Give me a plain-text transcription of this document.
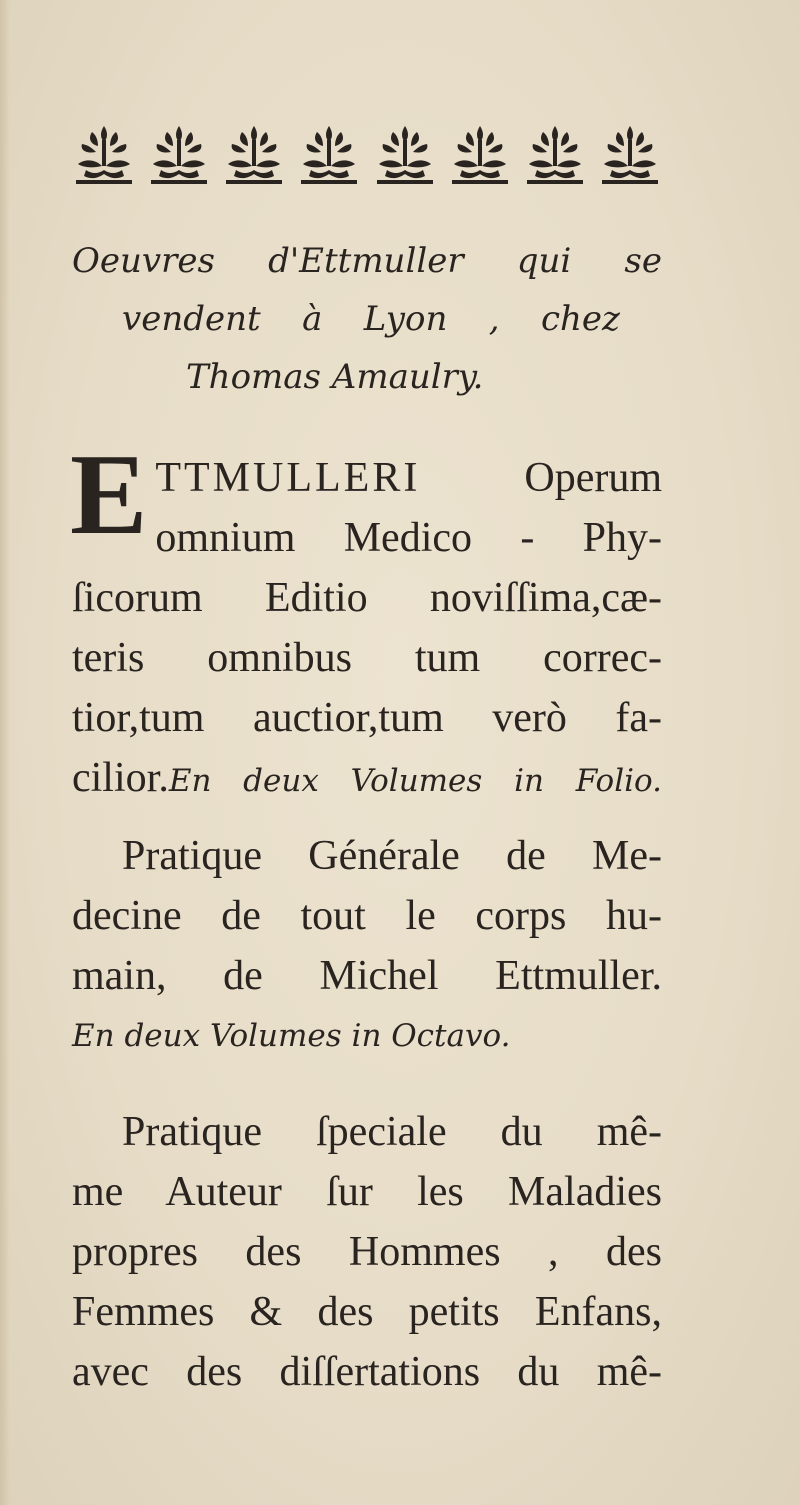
Oeuvres d'Ettmuller qui se
vendent à Lyon , chez
Thomas Amaulry.
E TTMULLERI Operum
omnium Medico - Phy-
ſicorum Editio noviſſima,cæ-
teris omnibus tum correc-
tior,tum auctior,tum verò fa-
cilior.En deux Volumes in Folio.
Pratique Générale de Me-
decine de tout le corps hu-
main, de Michel Ettmuller.
En deux Volumes in Octavo.
Pratique ſpeciale du mê-
me Auteur ſur les Maladies
propres des Hommes , des
Femmes & des petits Enfans,
avec des diſſertations du mê-
